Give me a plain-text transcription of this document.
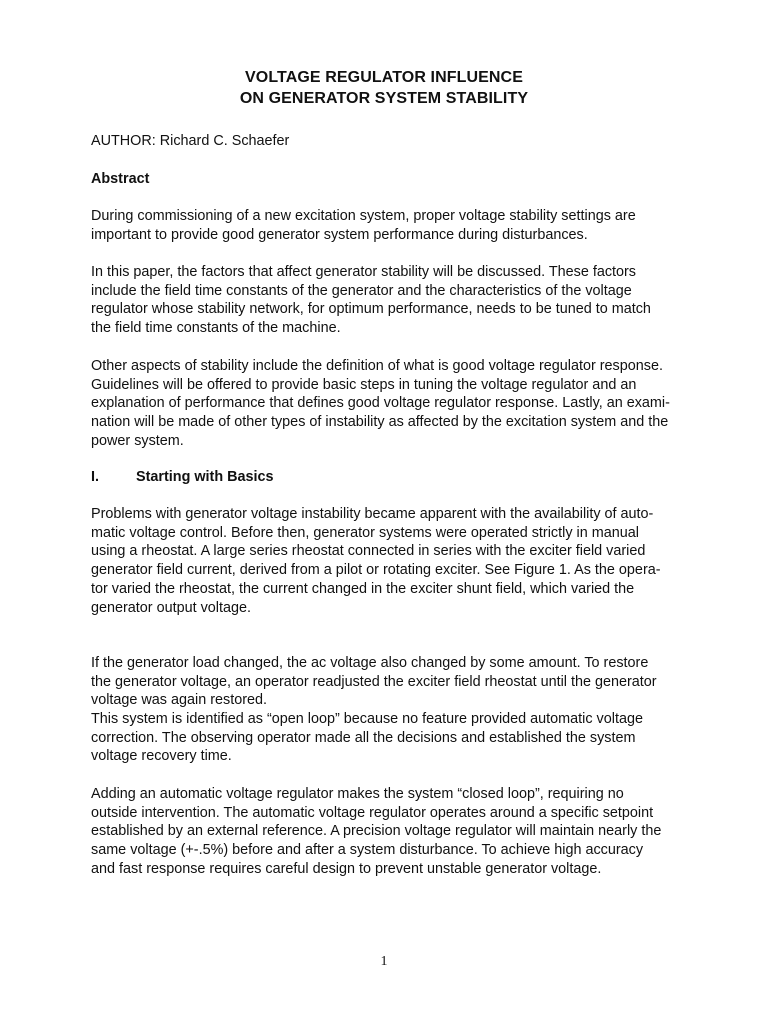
VOLTAGE REGULATOR INFLUENCE
ON GENERATOR SYSTEM STABILITY
AUTHOR: Richard C. Schaefer
Abstract
During commissioning of a new excitation system, proper voltage stability settings are
important to provide good generator system performance during disturbances.
In this paper, the factors that affect generator stability will be discussed. These factors
include the field time constants of the generator and the characteristics of the voltage
regulator whose stability network, for optimum performance, needs to be tuned to match
the field time constants of the machine.
Other aspects of stability include the definition of what is good voltage regulator response.
Guidelines will be offered to provide basic steps in tuning the voltage regulator and an
explanation of performance that defines good voltage regulator response. Lastly, an exami-
nation will be made of other types of instability as affected by the excitation system and the
power system.
I.	Starting with Basics
Problems with generator voltage instability became apparent with the availability of auto-
matic voltage control. Before then, generator systems were operated strictly in manual
using a rheostat. A large series rheostat connected in series with the exciter field varied
generator field current, derived from a pilot or rotating exciter. See Figure 1. As the opera-
tor varied the rheostat, the current changed in the exciter shunt field, which varied the
generator output voltage.
If the generator load changed, the ac voltage also changed by some amount. To restore
the generator voltage, an operator readjusted the exciter field rheostat until the generator
voltage was again restored.
This system is identified as “open loop” because no feature provided automatic voltage
correction. The observing operator made all the decisions and established the system
voltage recovery time.
Adding an automatic voltage regulator makes the system “closed loop”, requiring no
outside intervention. The automatic voltage regulator operates around a specific setpoint
established by an external reference. A precision voltage regulator will maintain nearly the
same voltage (+-.5%) before and after a system disturbance. To achieve high accuracy
and fast response requires careful design to prevent unstable generator voltage.
1
